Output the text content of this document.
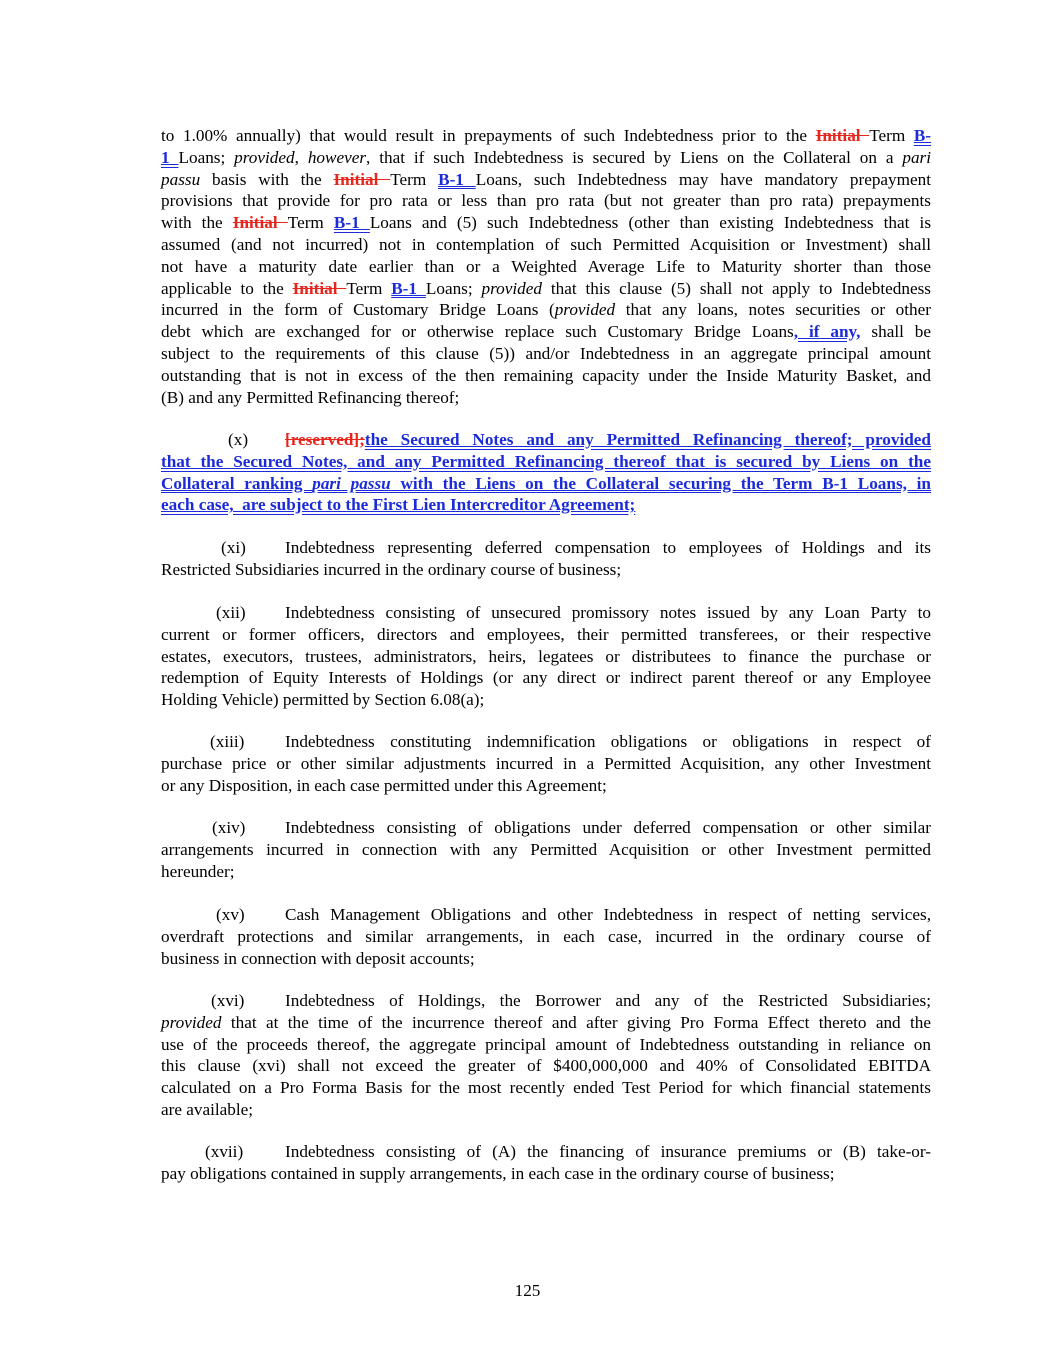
to 1.00% annually) that would result in prepayments of such Indebtedness prior to the Initial Term B-
1 Loans; provided, however, that if such Indebtedness is secured by Liens on the Collateral on a pari
passu basis with the Initial Term B-1 Loans, such Indebtedness may have mandatory prepayment
provisions that provide for pro rata or less than pro rata (but not greater than pro rata) prepayments
with the Initial Term B-1 Loans and (5) such Indebtedness (other than existing Indebtedness that is
assumed (and not incurred) not in contemplation of such Permitted Acquisition or Investment) shall
not have a maturity date earlier than or a Weighted Average Life to Maturity shorter than those
applicable to the Initial Term B-1 Loans; provided that this clause (5) shall not apply to Indebtedness
incurred in the form of Customary Bridge Loans (provided that any loans, notes securities or other
debt which are exchanged for or otherwise replace such Customary Bridge Loans, if any, shall be
subject to the requirements of this clause (5)) and/or Indebtedness in an aggregate principal amount
outstanding that is not in excess of the then remaining capacity under the Inside Maturity Basket, and
(B) and any Permitted Refinancing thereof;
(x) [reserved];the Secured Notes and any Permitted Refinancing thereof; provided
that the Secured Notes, and any Permitted Refinancing thereof that is secured by Liens on the
Collateral ranking pari passu with the Liens on the Collateral securing the Term B-1 Loans, in
each case,  are subject to the First Lien Intercreditor Agreement;
(xi) Indebtedness representing deferred compensation to employees of Holdings and its
Restricted Subsidiaries incurred in the ordinary course of business;
(xii) Indebtedness consisting of unsecured promissory notes issued by any Loan Party to
current or former officers, directors and employees, their permitted transferees, or their respective
estates, executors, trustees, administrators, heirs, legatees or distributees to finance the purchase or
redemption of Equity Interests of Holdings (or any direct or indirect parent thereof or any Employee
Holding Vehicle) permitted by Section 6.08(a);
(xiii) Indebtedness constituting indemnification obligations or obligations in respect of
purchase price or other similar adjustments incurred in a Permitted Acquisition, any other Investment
or any Disposition, in each case permitted under this Agreement;
(xiv) Indebtedness consisting of obligations under deferred compensation or other similar
arrangements incurred in connection with any Permitted Acquisition or other Investment permitted
hereunder;
(xv) Cash Management Obligations and other Indebtedness in respect of netting services,
overdraft protections and similar arrangements, in each case, incurred in the ordinary course of
business in connection with deposit accounts;
(xvi) Indebtedness of Holdings, the Borrower and any of the Restricted Subsidiaries;
provided that at the time of the incurrence thereof and after giving Pro Forma Effect thereto and the
use of the proceeds thereof, the aggregate principal amount of Indebtedness outstanding in reliance on
this clause (xvi) shall not exceed the greater of $400,000,000 and 40% of Consolidated EBITDA
calculated on a Pro Forma Basis for the most recently ended Test Period for which financial statements
are available;
(xvii) Indebtedness consisting of (A) the financing of insurance premiums or (B) take-or-
pay obligations contained in supply arrangements, in each case in the ordinary course of business;
125
